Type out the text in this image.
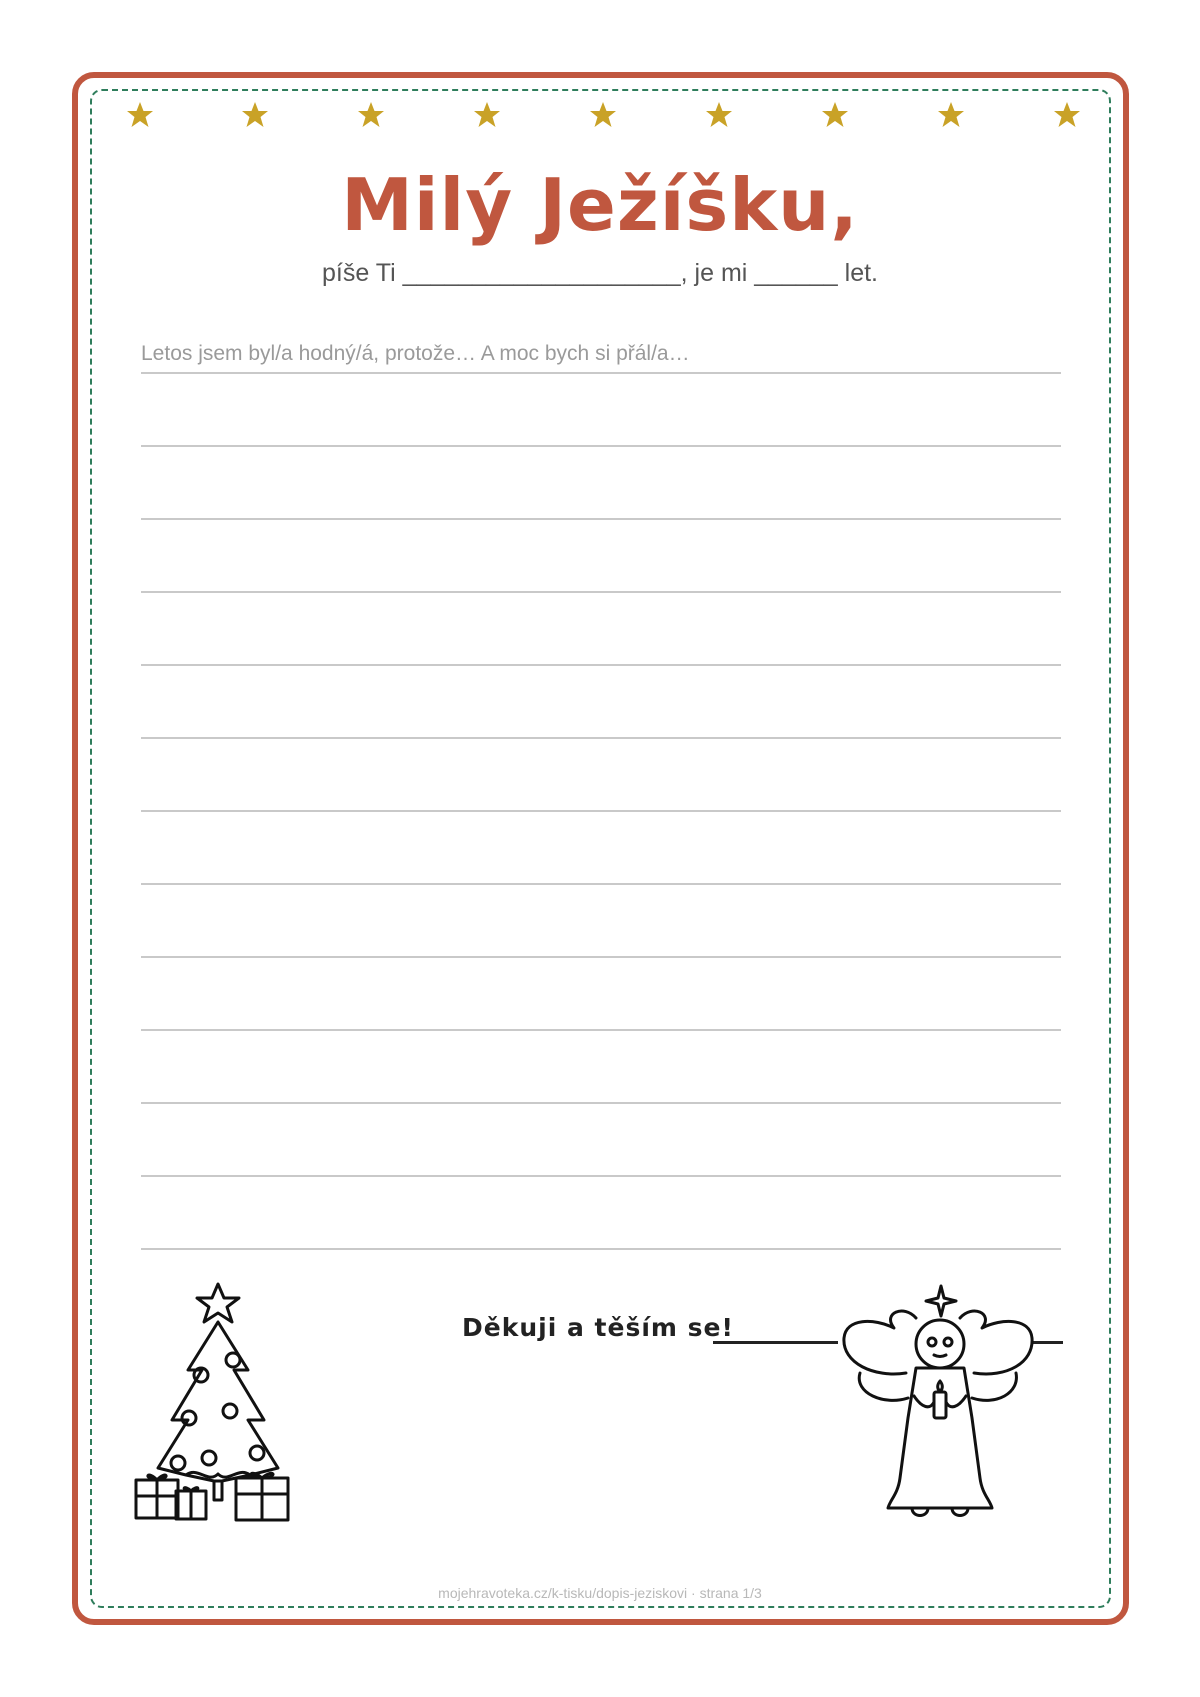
Milý Ježíšku,
píše Ti ____________________, je mi ______ let.
Letos jsem byl/a hodný/á, protože… A moc bych si přál/a…
Děkuji a těším se!
mojehravoteka.cz/k-tisku/dopis-jeziskovi · strana 1/3
